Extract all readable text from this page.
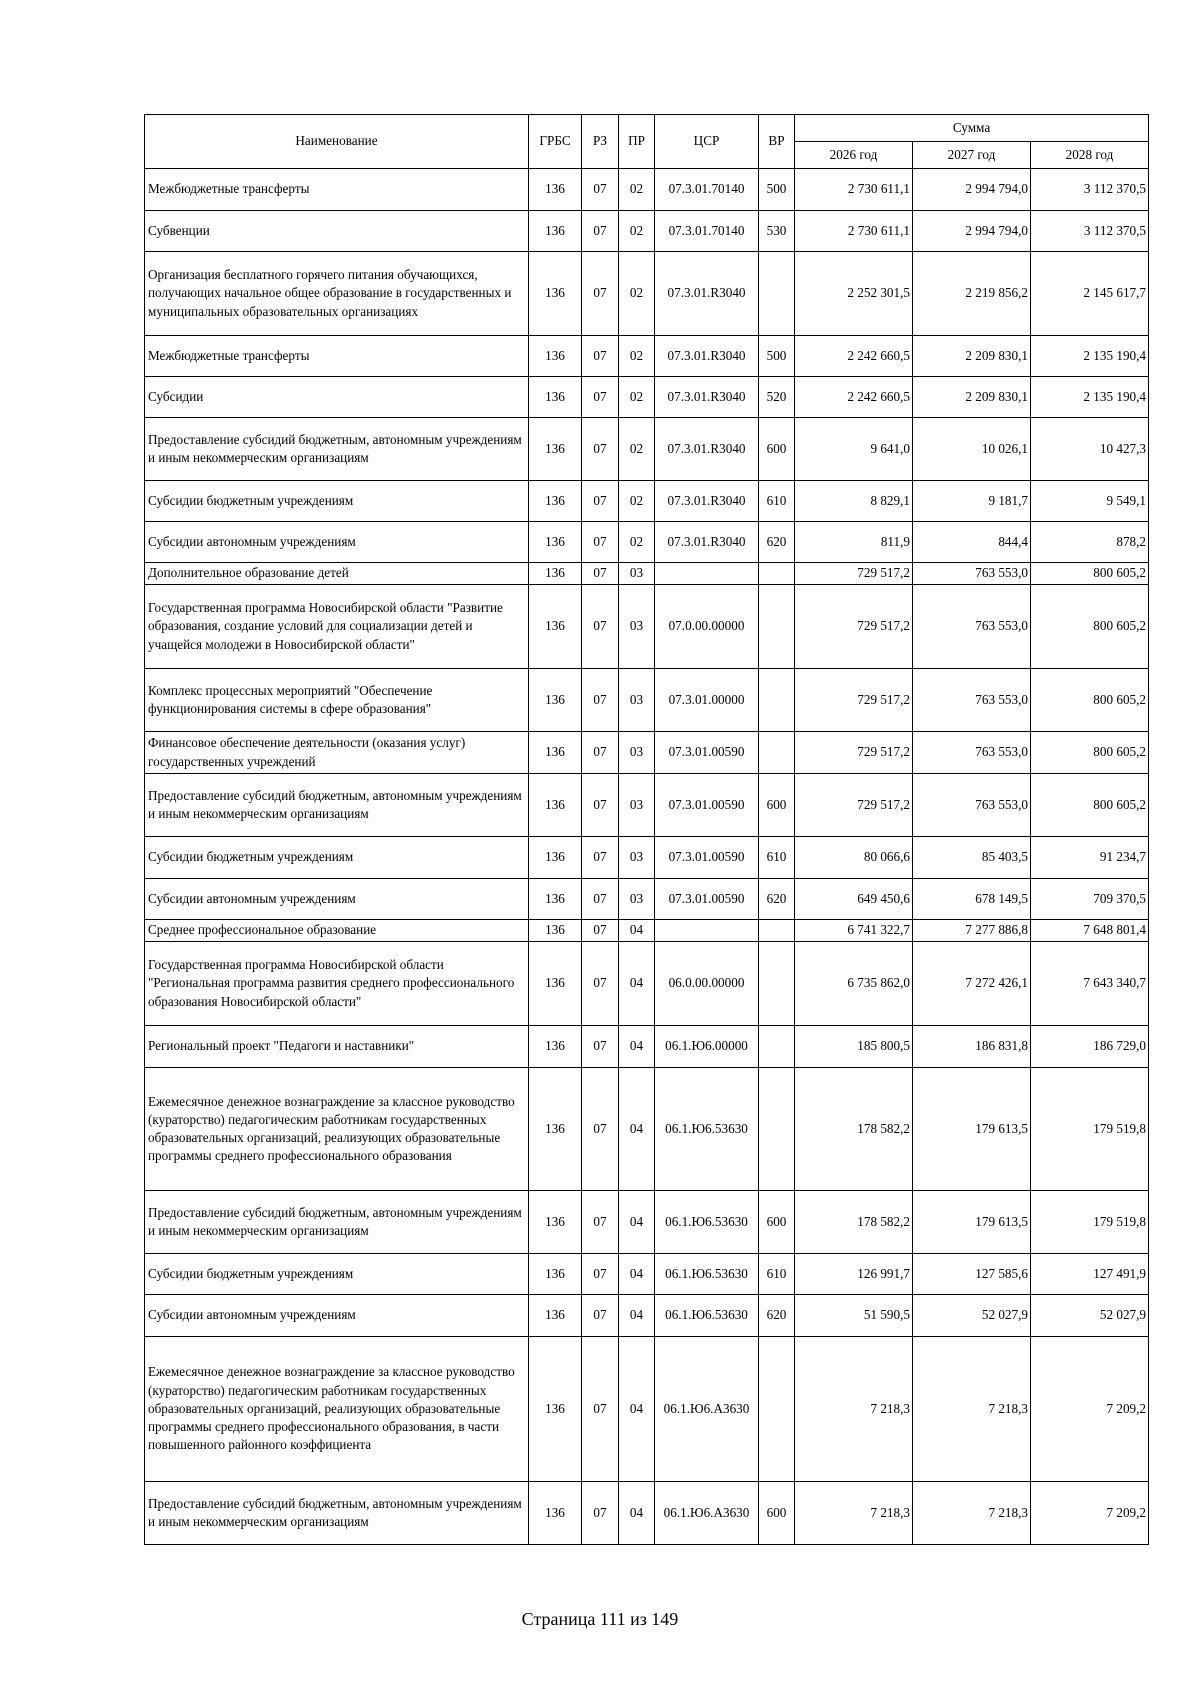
Наименование	ГРБС	РЗ	ПР	ЦСР	ВР	Сумма		
						2026 год	2027 год	2028 год
Межбюджетные трансферты	136	07	02	07.3.01.70140	500	2 730 611,1	2 994 794,0	3 112 370,5
Субвенции	136	07	02	07.3.01.70140	530	2 730 611,1	2 994 794,0	3 112 370,5
Организация бесплатного горячего питания обучающихся, получающих начальное общее образование в государственных и муниципальных образовательных организациях	136	07	02	07.3.01.R3040		2 252 301,5	2 219 856,2	2 145 617,7
Межбюджетные трансферты	136	07	02	07.3.01.R3040	500	2 242 660,5	2 209 830,1	2 135 190,4
Субсидии	136	07	02	07.3.01.R3040	520	2 242 660,5	2 209 830,1	2 135 190,4
Предоставление субсидий бюджетным, автономным учреждениям и иным некоммерческим организациям	136	07	02	07.3.01.R3040	600	9 641,0	10 026,1	10 427,3
Субсидии бюджетным учреждениям	136	07	02	07.3.01.R3040	610	8 829,1	9 181,7	9 549,1
Субсидии автономным учреждениям	136	07	02	07.3.01.R3040	620	811,9	844,4	878,2
Дополнительное образование детей	136	07	03			729 517,2	763 553,0	800 605,2
Государственная программа Новосибирской области "Развитие образования, создание условий для социализации детей и учащейся молодежи в Новосибирской области"	136	07	03	07.0.00.00000		729 517,2	763 553,0	800 605,2
Комплекс процессных мероприятий "Обеспечение функционирования системы в сфере образования"	136	07	03	07.3.01.00000		729 517,2	763 553,0	800 605,2
Финансовое обеспечение деятельности (оказания услуг) государственных учреждений	136	07	03	07.3.01.00590		729 517,2	763 553,0	800 605,2
Предоставление субсидий бюджетным, автономным учреждениям и иным некоммерческим организациям	136	07	03	07.3.01.00590	600	729 517,2	763 553,0	800 605,2
Субсидии бюджетным учреждениям	136	07	03	07.3.01.00590	610	80 066,6	85 403,5	91 234,7
Субсидии автономным учреждениям	136	07	03	07.3.01.00590	620	649 450,6	678 149,5	709 370,5
Среднее профессиональное образование	136	07	04			6 741 322,7	7 277 886,8	7 648 801,4
Государственная программа Новосибирской области "Региональная программа развития среднего профессионального образования Новосибирской области"	136	07	04	06.0.00.00000		6 735 862,0	7 272 426,1	7 643 340,7
Региональный проект "Педагоги и наставники"	136	07	04	06.1.Ю6.00000		185 800,5	186 831,8	186 729,0
Ежемесячное денежное вознаграждение за классное руководство (кураторство) педагогическим работникам государственных образовательных организаций, реализующих образовательные программы среднего профессионального образования	136	07	04	06.1.Ю6.53630		178 582,2	179 613,5	179 519,8
Предоставление субсидий бюджетным, автономным учреждениям и иным некоммерческим организациям	136	07	04	06.1.Ю6.53630	600	178 582,2	179 613,5	179 519,8
Субсидии бюджетным учреждениям	136	07	04	06.1.Ю6.53630	610	126 991,7	127 585,6	127 491,9
Субсидии автономным учреждениям	136	07	04	06.1.Ю6.53630	620	51 590,5	52 027,9	52 027,9
Ежемесячное денежное вознаграждение за классное руководство (кураторство) педагогическим работникам государственных образовательных организаций, реализующих образовательные программы среднего профессионального образования, в части повышенного районного коэффициента	136	07	04	06.1.Ю6.А3630		7 218,3	7 218,3	7 209,2
Предоставление субсидий бюджетным, автономным учреждениям и иным некоммерческим организациям	136	07	04	06.1.Ю6.А3630	600	7 218,3	7 218,3	7 209,2
Страница 111 из 149
